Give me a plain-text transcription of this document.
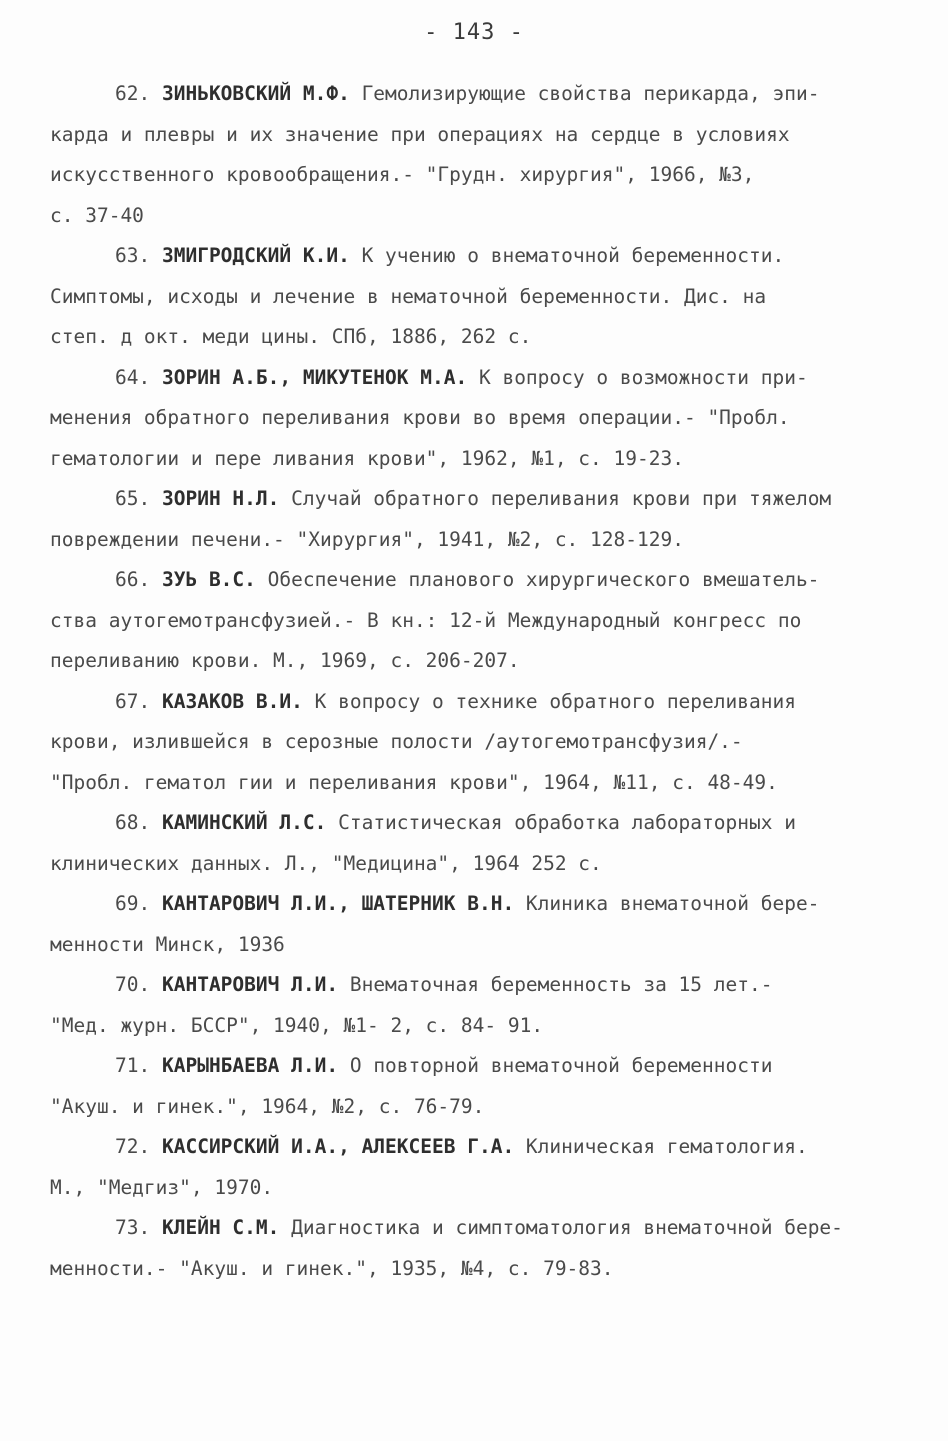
- 143 -
62. ЗИНЬКОВСКИЙ М.Ф. Гемолизирующие свойства перикарда, эпи-
карда и плевры и их значение при операциях на сердце в условиях
искусственного кровообращения.- "Грудн. хирургия", 1966, №3,
с. 37-40
63. ЗМИГРОДСКИЙ К.И. К учению о внематочной беременности.
Симптомы, исходы и лечение в нематочной беременности. Дис. на
степ. д окт. меди цины. СПб, 1886, 262 с.
64. ЗОРИН А.Б., МИКУТЕНОК М.А. К вопросу о возможности при-
менения обратного переливания крови во время операции.- "Пробл.
гематологии и пере ливания крови", 1962, №1, с. 19-23.
65. ЗОРИН Н.Л. Случай обратного переливания крови при тяжелом
повреждении печени.- "Хирургия", 1941, №2, с. 128-129.
66. ЗУЬ В.С. Обеспечение планового хирургического вмешатель-
ства аутогемотрансфузией.- В кн.: 12-й Международный конгресс по
переливанию крови. М., 1969, с. 206-207.
67. КАЗАКОВ В.И. К вопросу о технике обратного переливания
крови, излившейся в серозные полости /аутогемотрансфузия/.-
"Пробл. гематол гии и переливания крови", 1964, №11, с. 48-49.
68. КАМИНСКИЙ Л.С. Статистическая обработка лабораторных и
клинических данных. Л., "Медицина", 1964 252 с.
69. КАНТАРОВИЧ Л.И., ШАТЕРНИК В.Н. Клиника внематочной бере-
менности Минск, 1936
70. КАНТАРОВИЧ Л.И. Внематочная беременность за 15 лет.-
"Мед. журн. БССР", 1940, №1- 2, с. 84- 91.
71. КАРЫНБАЕВА Л.И. О повторной внематочной беременности
"Акуш. и гинек.", 1964, №2, с. 76-79.
72. КАССИРСКИЙ И.А., АЛЕКСЕЕВ Г.А. Клиническая гематология.
М., "Медгиз", 1970.
73. КЛЕЙН С.М. Диагностика и симптоматология внематочной бере-
менности.- "Акуш. и гинек.", 1935, №4, с. 79-83.
